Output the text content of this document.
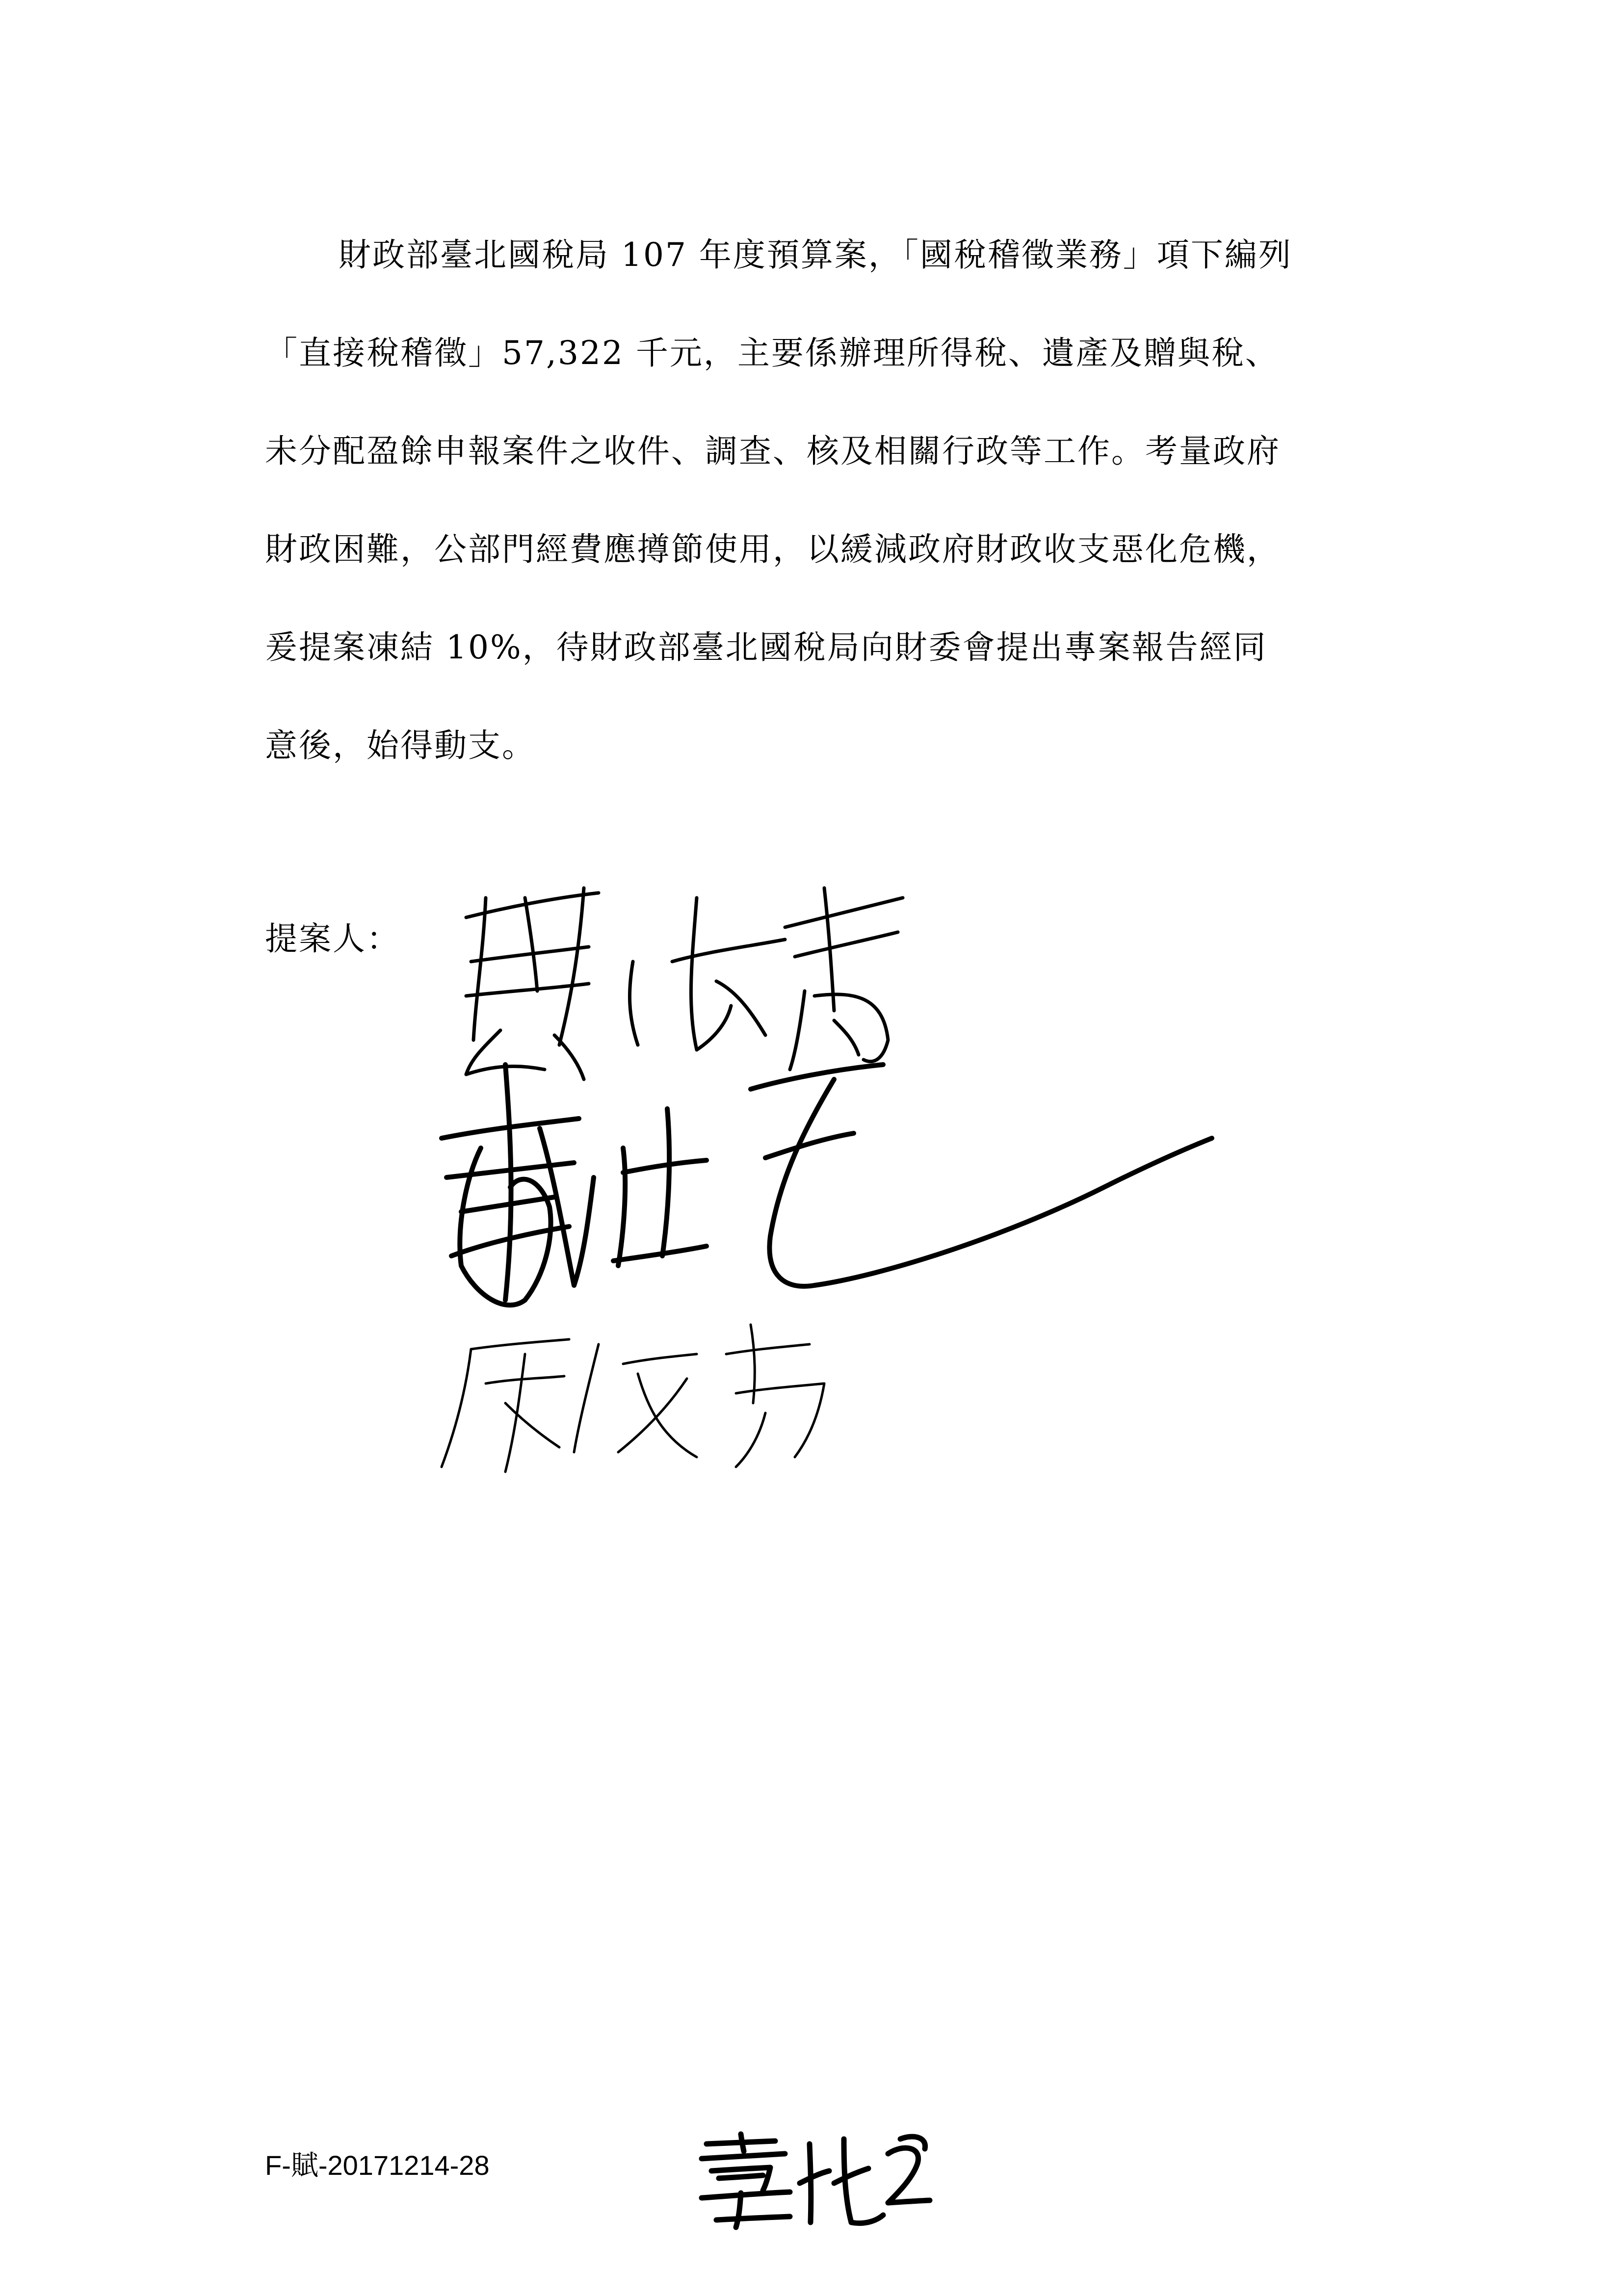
財政部臺北國稅局 107 年度預算案，「國稅稽徵業務」項下編列
「直接稅稽徵」57,322 千元，主要係辦理所得稅、遺產及贈與稅、
未分配盈餘申報案件之收件、調查、核及相關行政等工作。考量政府
財政困難，公部門經費應撙節使用，以緩減政府財政收支惡化危機，
爰提案凍結 10%，待財政部臺北國稅局向財委會提出專案報告經同
意後，始得動支。
提案人：
F-賦-20171214-28
